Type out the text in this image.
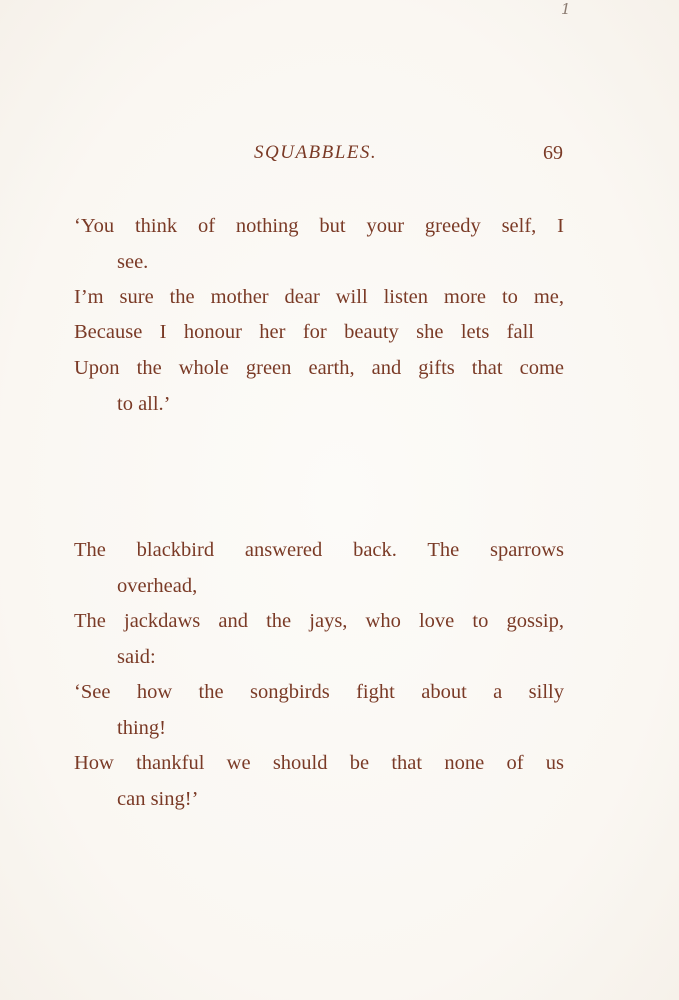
1
SQUABBLES.	69
‘You think of nothing but your greedy self, I
see.
I’m sure the mother dear will listen more to me,
Because I honour her for beauty she lets fall
Upon the whole green earth, and gifts that come
to all.’
The blackbird answered back. The sparrows
overhead,
The jackdaws and the jays, who love to gossip,
said:
‘See how the songbirds fight about a silly
thing!
How thankful we should be that none of us
can sing!’
